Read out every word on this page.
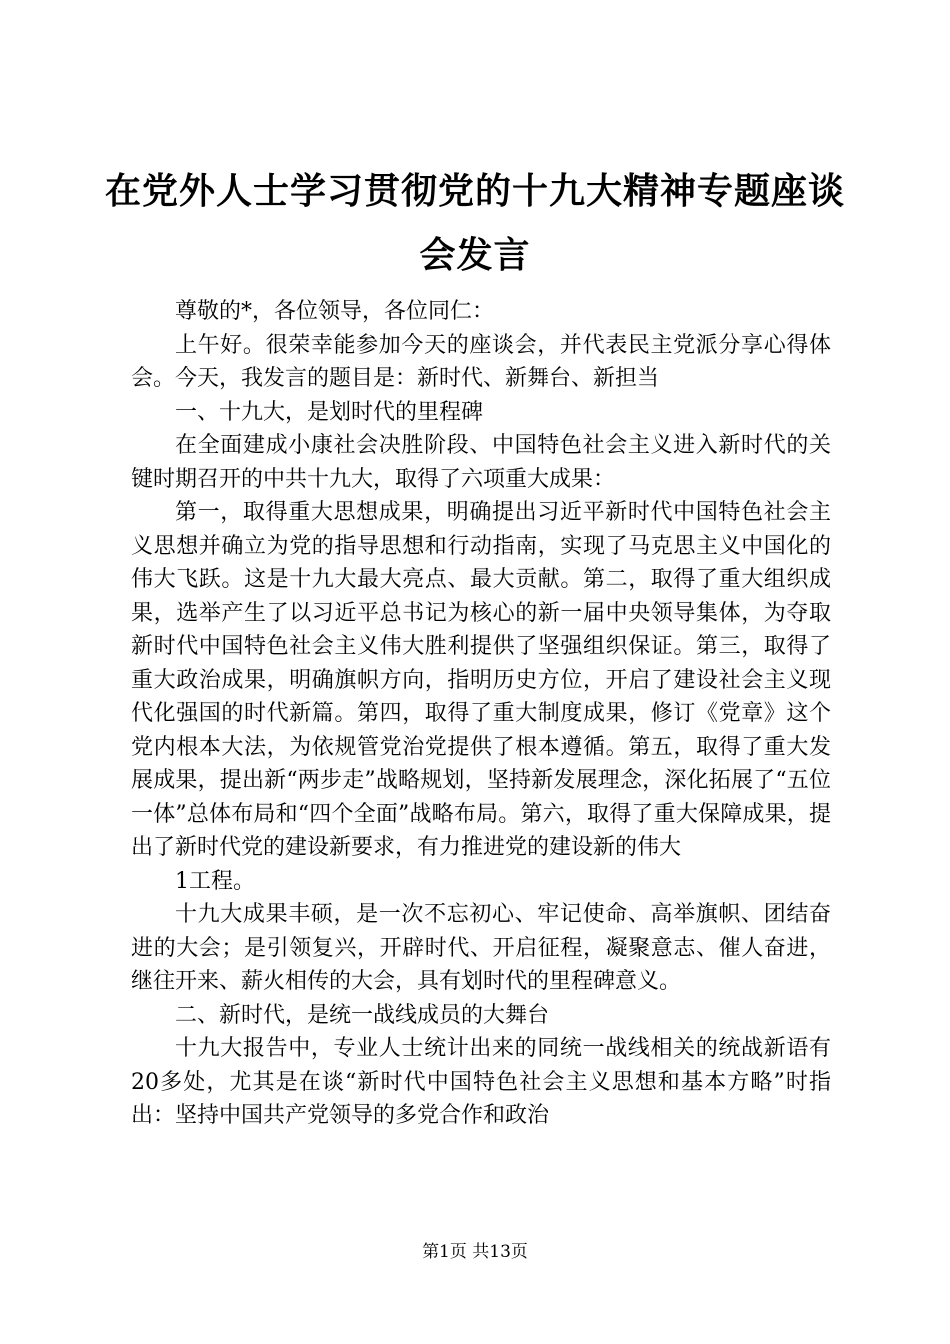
在党外人士学习贯彻党的十九大精神专题座谈会发言

尊敬的*，各位领导，各位同仁：

上午好。很荣幸能参加今天的座谈会，并代表民主党派分享心得体会。今天，我发言的题目是：新时代、新舞台、新担当

一、十九大，是划时代的里程碑

在全面建成小康社会决胜阶段、中国特色社会主义进入新时代的关键时期召开的中共十九大，取得了六项重大成果：

第一，取得重大思想成果，明确提出习近平新时代中国特色社会主义思想并确立为党的指导思想和行动指南，实现了马克思主义中国化的伟大飞跃。这是十九大最大亮点、最大贡献。第二，取得了重大组织成果，选举产生了以习近平总书记为核心的新一届中央领导集体，为夺取新时代中国特色社会主义伟大胜利提供了坚强组织保证。第三，取得了重大政治成果，明确旗帜方向，指明历史方位，开启了建设社会主义现代化强国的时代新篇。第四，取得了重大制度成果，修订《党章》这个党内根本大法，为依规管党治党提供了根本遵循。第五，取得了重大发展成果，提出新“两步走”战略规划，坚持新发展理念，深化拓展了“五位一体”总体布局和“四个全面”战略布局。第六，取得了重大保障成果，提出了新时代党的建设新要求，有力推进党的建设新的伟大

1工程。

十九大成果丰硕，是一次不忘初心、牢记使命、高举旗帜、团结奋进的大会；是引领复兴，开辟时代、开启征程，凝聚意志、催人奋进，继往开来、薪火相传的大会，具有划时代的里程碑意义。

二、新时代，是统一战线成员的大舞台

十九大报告中，专业人士统计出来的同统一战线相关的统战新语有20多处，尤其是在谈“新时代中国特色社会主义思想和基本方略”时指出：坚持中国共产党领导的多党合作和政治

第1页 共13页
